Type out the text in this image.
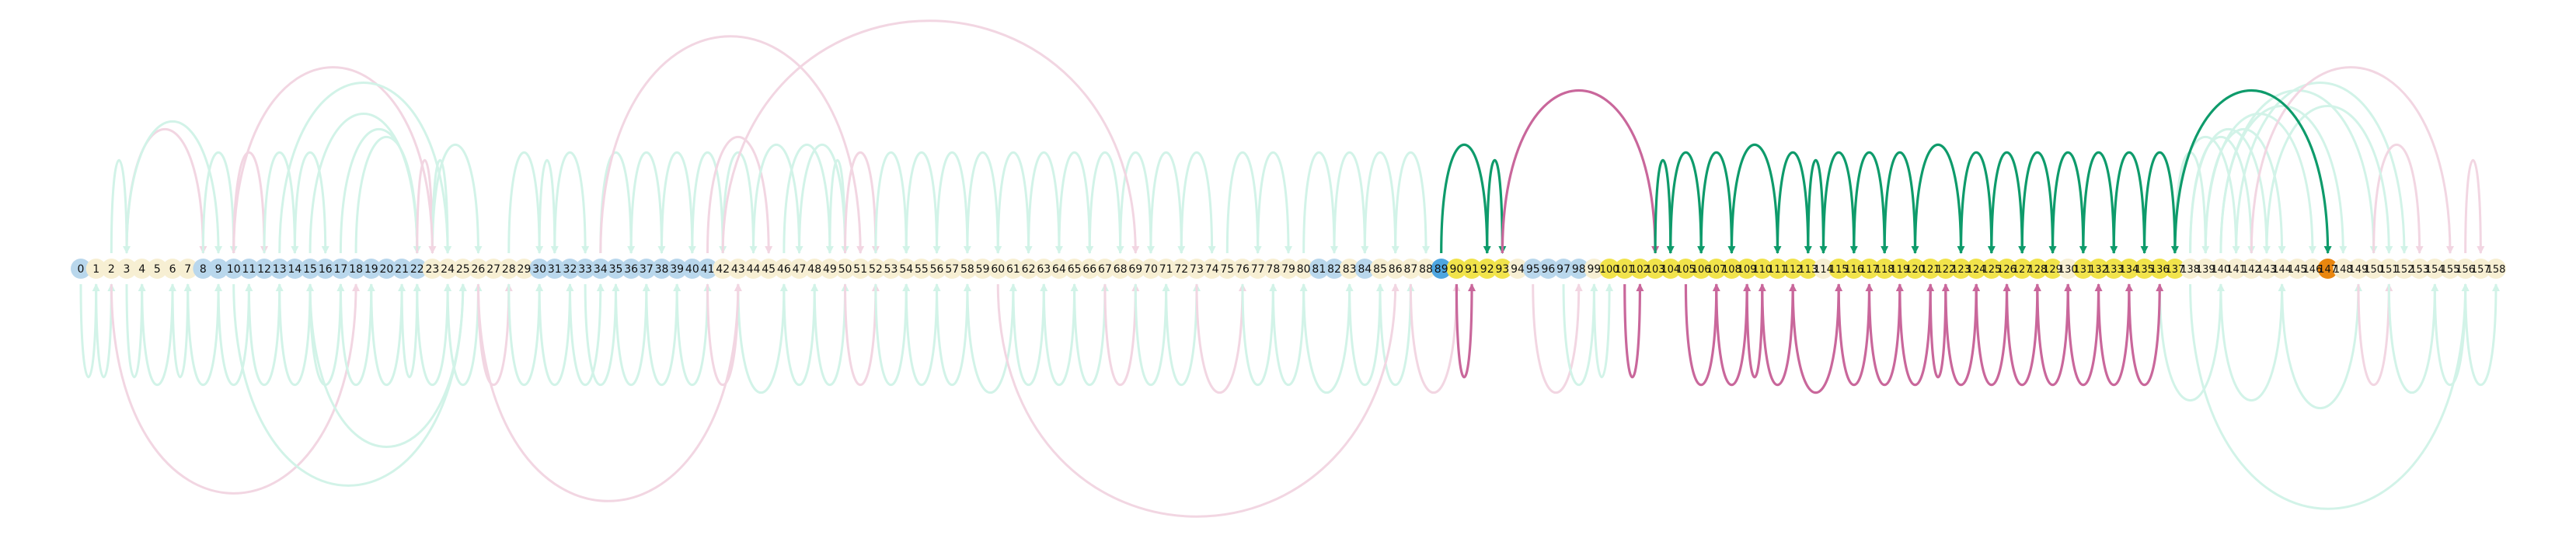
0 1 2 3 4 5 6 7 8 9 10 11 12 13 14 15 16 17 18 19 20 21 22 23 24 25 26 27 28 29 30 31 32 33 34 35 36 37 38 39 40 41 42 43 44 45 46 47 48 49 50 51 52 53 54 55 56 57 58 59 60 61 62 63 64 65 66 67 68 69 70 71 72 73 74 75 76 77 78 79 80 81 82 83 84 85 86 87 88 89 90 91 92 93 94 95 96 97 98 99
100
101
102
103
104
105
106
107
108
109
110
111
112
113
114
115
116
117
118
119
120
121
122
123
124
125
126
127
128
129
130
131
132
133
134
135
136
137
138
139
140
141
142
143
144
145
146
147
148
149
150
151
152
153
154
155
156
157
158
